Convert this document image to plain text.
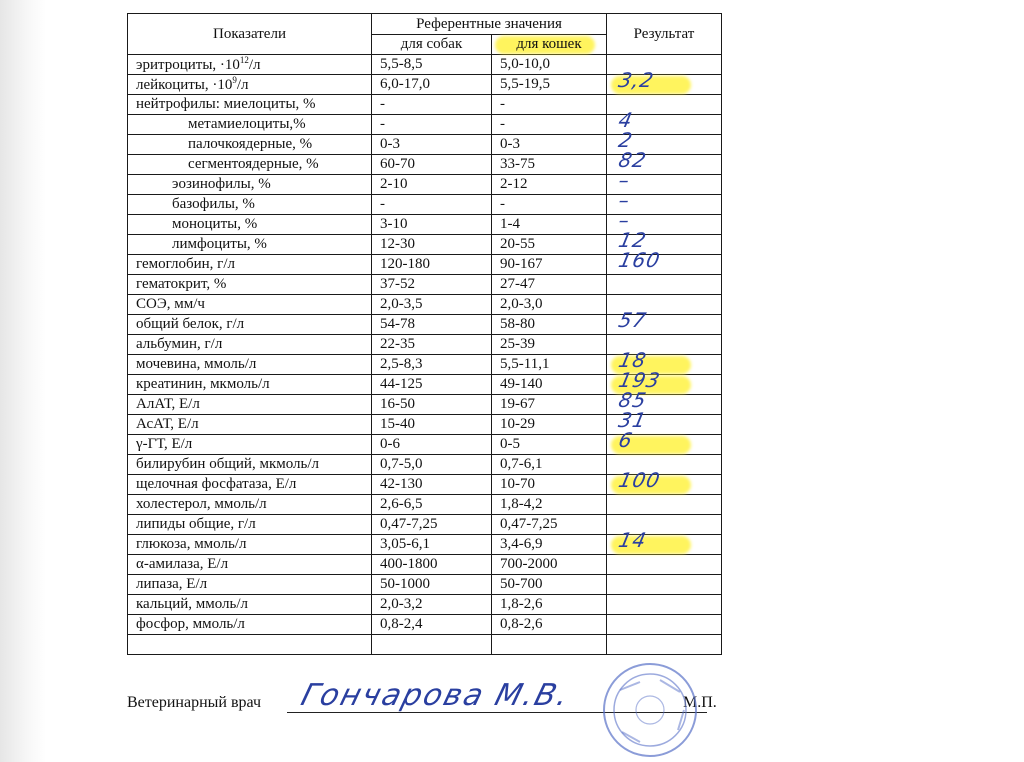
Показатели	Референтные значения		Результат
	для собак	для кошек	
эритроциты, $\cdot 10^{12}/л$	5,5-8,5	5,0-10,0	

лейкоциты, $\cdot 10^9/л$	6,0-17,0	5,5-19,5	3,2

нейтрофилы: миелоциты, %	-	-	

метамиелоциты,%	-	-	4

палочкоядерные, %	0-3	0-3	2

сегментоядерные, %	60-70	33-75	82

эозинофилы, %	2-10	2-12	–

базофилы, %	-	-	–

моноциты, %	3-10	1-4	–

лимфоциты, %	12-30	20-55	12

гемоглобин, г/л	120-180	90-167	160

гематокрит, %	37-52	27-47	

СОЭ, мм/ч	2,0-3,5	2,0-3,0	

общий белок, г/л	54-78	58-80	57

альбумин, г/л	22-35	25-39	

мочевина, ммоль/л	2,5-8,3	5,5-11,1	18

креатинин, мкмоль/л	44-125	49-140	193

АлАТ, Е/л	16-50	19-67	85

АсАТ, Е/л	15-40	10-29	31

γ-ГТ, Е/л	0-6	0-5	6

билирубин общий, мкмоль/л	0,7-5,0	0,7-6,1	

щелочная фосфатаза, Е/л	42-130	10-70	100

холестерол, ммоль/л	2,6-6,5	1,8-4,2	

липиды общие, г/л	0,47-7,25	0,47-7,25	

глюкоза, ммоль/л	3,05-6,1	3,4-6,9	14

α-амилаза, Е/л	400-1800	700-2000	

липаза, Е/л	50-1000	50-700	

кальций, ммоль/л	2,0-3,2	1,8-2,6	

фосфор, ммоль/л	0,8-2,4	0,8-2,6	

Ветеринарный врач Гончарова М.В.	М.П.
